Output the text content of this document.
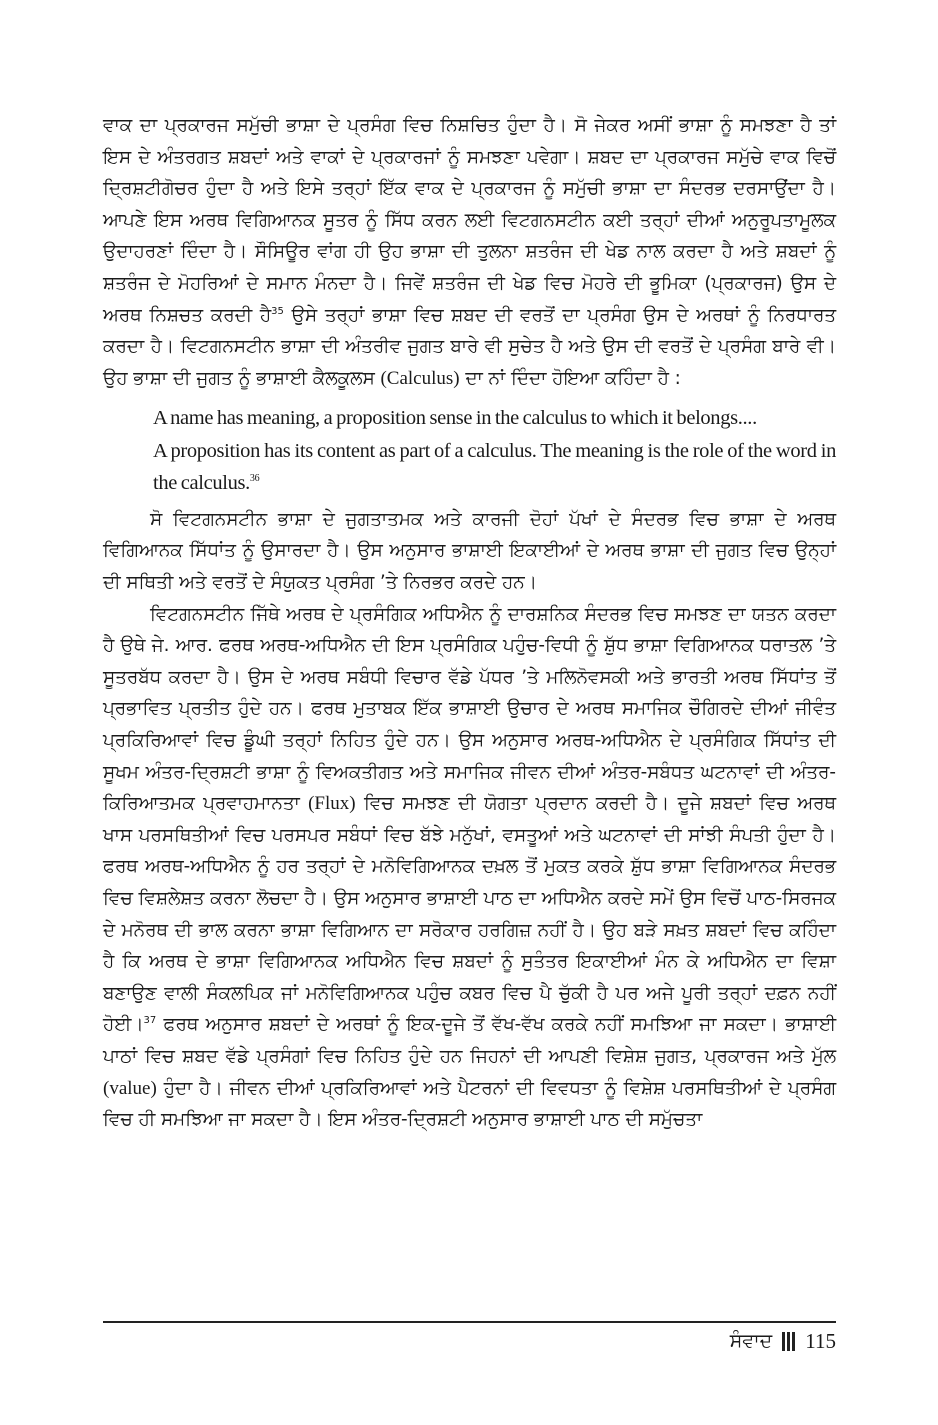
ਵਾਕ ਦਾ ਪ੍ਰਕਾਰਜ ਸਮੁੱਚੀ ਭਾਸ਼ਾ ਦੇ ਪ੍ਰਸੰਗ ਵਿਚ ਨਿਸ਼ਚਿਤ ਹੁੰਦਾ ਹੈ। ਸੋ ਜੇਕਰ ਅਸੀਂ ਭਾਸ਼ਾ ਨੂੰ ਸਮਝਣਾ ਹੈ ਤਾਂ ਇਸ ਦੇ ਅੰਤਰਗਤ ਸ਼ਬਦਾਂ ਅਤੇ ਵਾਕਾਂ ਦੇ ਪ੍ਰਕਾਰਜਾਂ ਨੂੰ ਸਮਝਣਾ ਪਵੇਗਾ। ਸ਼ਬਦ ਦਾ ਪ੍ਰਕਾਰਜ ਸਮੁੱਚੇ ਵਾਕ ਵਿਚੋਂ ਦ੍ਰਿਸ਼ਟੀਗੋਚਰ ਹੁੰਦਾ ਹੈ ਅਤੇ ਇਸੇ ਤਰ੍ਹਾਂ ਇੱਕ ਵਾਕ ਦੇ ਪ੍ਰਕਾਰਜ ਨੂੰ ਸਮੁੱਚੀ ਭਾਸ਼ਾ ਦਾ ਸੰਦਰਭ ਦਰਸਾਉਂਦਾ ਹੈ। ਆਪਣੇ ਇਸ ਅਰਥ ਵਿਗਿਆਨਕ ਸੂਤਰ ਨੂੰ ਸਿੱਧ ਕਰਨ ਲਈ ਵਿਟਗਨਸਟੀਨ ਕਈ ਤਰ੍ਹਾਂ ਦੀਆਂ ਅਨੁਰੂਪਤਾਮੂਲਕ ਉਦਾਹਰਣਾਂ ਦਿੰਦਾ ਹੈ। ਸੌਸਿਊਰ ਵਾਂਗ ਹੀ ਉਹ ਭਾਸ਼ਾ ਦੀ ਤੁਲਨਾ ਸ਼ਤਰੰਜ ਦੀ ਖੇਡ ਨਾਲ ਕਰਦਾ ਹੈ ਅਤੇ ਸ਼ਬਦਾਂ ਨੂੰ ਸ਼ਤਰੰਜ ਦੇ ਮੋਹਰਿਆਂ ਦੇ ਸਮਾਨ ਮੰਨਦਾ ਹੈ। ਜਿਵੇਂ ਸ਼ਤਰੰਜ ਦੀ ਖੇਡ ਵਿਚ ਮੋਹਰੇ ਦੀ ਭੂਮਿਕਾ (ਪ੍ਰਕਾਰਜ) ਉਸ ਦੇ ਅਰਥ ਨਿਸ਼ਚਤ ਕਰਦੀ ਹੈ$^{35}$ ਉਸੇ ਤਰ੍ਹਾਂ ਭਾਸ਼ਾ ਵਿਚ ਸ਼ਬਦ ਦੀ ਵਰਤੋਂ ਦਾ ਪ੍ਰਸੰਗ ਉਸ ਦੇ ਅਰਥਾਂ ਨੂੰ ਨਿਰਧਾਰਤ ਕਰਦਾ ਹੈ। ਵਿਟਗਨਸਟੀਨ ਭਾਸ਼ਾ ਦੀ ਅੰਤਰੀਵ ਜੁਗਤ ਬਾਰੇ ਵੀ ਸੁਚੇਤ ਹੈ ਅਤੇ ਉਸ ਦੀ ਵਰਤੋਂ ਦੇ ਪ੍ਰਸੰਗ ਬਾਰੇ ਵੀ। ਉਹ ਭਾਸ਼ਾ ਦੀ ਜੁਗਤ ਨੂੰ ਭਾਸ਼ਾਈ ਕੈਲਕੂਲਸ (Calculus) ਦਾ ਨਾਂ ਦਿੰਦਾ ਹੋਇਆ ਕਹਿੰਦਾ ਹੈ :

A name has meaning, a proposition sense in the calculus to which it belongs....
A proposition has its content as part of a calculus. The meaning is the role of the word in the calculus.$^{36}$

ਸੋ ਵਿਟਗਨਸਟੀਨ ਭਾਸ਼ਾ ਦੇ ਜੁਗਤਾਤਮਕ ਅਤੇ ਕਾਰਜੀ ਦੋਹਾਂ ਪੱਖਾਂ ਦੇ ਸੰਦਰਭ ਵਿਚ ਭਾਸ਼ਾ ਦੇ ਅਰਥ ਵਿਗਿਆਨਕ ਸਿੱਧਾਂਤ ਨੂੰ ਉਸਾਰਦਾ ਹੈ। ਉਸ ਅਨੁਸਾਰ ਭਾਸ਼ਾਈ ਇਕਾਈਆਂ ਦੇ ਅਰਥ ਭਾਸ਼ਾ ਦੀ ਜੁਗਤ ਵਿਚ ਉਨ੍ਹਾਂ ਦੀ ਸਥਿਤੀ ਅਤੇ ਵਰਤੋਂ ਦੇ ਸੰਯੁਕਤ ਪ੍ਰਸੰਗ ’ਤੇ ਨਿਰਭਰ ਕਰਦੇ ਹਨ।

ਵਿਟਗਨਸਟੀਨ ਜਿੱਥੇ ਅਰਥ ਦੇ ਪ੍ਰਸੰਗਿਕ ਅਧਿਐਨ ਨੂੰ ਦਾਰਸ਼ਨਿਕ ਸੰਦਰਭ ਵਿਚ ਸਮਝਣ ਦਾ ਯਤਨ ਕਰਦਾ ਹੈ ਉਥੇ ਜੇ. ਆਰ. ਫਰਥ ਅਰਥ-ਅਧਿਐਨ ਦੀ ਇਸ ਪ੍ਰਸੰਗਿਕ ਪਹੁੰਚ-ਵਿਧੀ ਨੂੰ ਸ਼ੁੱਧ ਭਾਸ਼ਾ ਵਿਗਿਆਨਕ ਧਰਾਤਲ ’ਤੇ ਸੂਤਰਬੱਧ ਕਰਦਾ ਹੈ। ਉਸ ਦੇ ਅਰਥ ਸਬੰਧੀ ਵਿਚਾਰ ਵੱਡੇ ਪੱਧਰ ’ਤੇ ਮਲਿਨੋਵਸਕੀ ਅਤੇ ਭਾਰਤੀ ਅਰਥ ਸਿੱਧਾਂਤ ਤੋਂ ਪ੍ਰਭਾਵਿਤ ਪ੍ਰਤੀਤ ਹੁੰਦੇ ਹਨ। ਫਰਥ ਮੁਤਾਬਕ ਇੱਕ ਭਾਸ਼ਾਈ ਉਚਾਰ ਦੇ ਅਰਥ ਸਮਾਜਿਕ ਚੌਗਿਰਦੇ ਦੀਆਂ ਜੀਵੰਤ ਪ੍ਰਕਿਰਿਆਵਾਂ ਵਿਚ ਡੂੰਘੀ ਤਰ੍ਹਾਂ ਨਿਹਿਤ ਹੁੰਦੇ ਹਨ। ਉਸ ਅਨੁਸਾਰ ਅਰਥ-ਅਧਿਐਨ ਦੇ ਪ੍ਰਸੰਗਿਕ ਸਿੱਧਾਂਤ ਦੀ ਸੂਖਮ ਅੰਤਰ-ਦ੍ਰਿਸ਼ਟੀ ਭਾਸ਼ਾ ਨੂੰ ਵਿਅਕਤੀਗਤ ਅਤੇ ਸਮਾਜਿਕ ਜੀਵਨ ਦੀਆਂ ਅੰਤਰ-ਸਬੰਧਤ ਘਟਨਾਵਾਂ ਦੀ ਅੰਤਰ-ਕਿਰਿਆਤਮਕ ਪ੍ਰਵਾਹਮਾਨਤਾ (Flux) ਵਿਚ ਸਮਝਣ ਦੀ ਯੋਗਤਾ ਪ੍ਰਦਾਨ ਕਰਦੀ ਹੈ। ਦੂਜੇ ਸ਼ਬਦਾਂ ਵਿਚ ਅਰਥ ਖਾਸ ਪਰਸਥਿਤੀਆਂ ਵਿਚ ਪਰਸਪਰ ਸਬੰਧਾਂ ਵਿਚ ਬੱਝੇ ਮਨੁੱਖਾਂ, ਵਸਤੂਆਂ ਅਤੇ ਘਟਨਾਵਾਂ ਦੀ ਸਾਂਝੀ ਸੰਪਤੀ ਹੁੰਦਾ ਹੈ। ਫਰਥ ਅਰਥ-ਅਧਿਐਨ ਨੂੰ ਹਰ ਤਰ੍ਹਾਂ ਦੇ ਮਨੋਵਿਗਿਆਨਕ ਦਖ਼ਲ ਤੋਂ ਮੁਕਤ ਕਰਕੇ ਸ਼ੁੱਧ ਭਾਸ਼ਾ ਵਿਗਿਆਨਕ ਸੰਦਰਭ ਵਿਚ ਵਿਸ਼ਲੇਸ਼ਤ ਕਰਨਾ ਲੋਚਦਾ ਹੈ। ਉਸ ਅਨੁਸਾਰ ਭਾਸ਼ਾਈ ਪਾਠ ਦਾ ਅਧਿਐਨ ਕਰਦੇ ਸਮੇਂ ਉਸ ਵਿਚੋਂ ਪਾਠ-ਸਿਰਜਕ ਦੇ ਮਨੋਰਥ ਦੀ ਭਾਲ ਕਰਨਾ ਭਾਸ਼ਾ ਵਿਗਿਆਨ ਦਾ ਸਰੋਕਾਰ ਹਰਗਿਜ਼ ਨਹੀਂ ਹੈ। ਉਹ ਬੜੇ ਸਖ਼ਤ ਸ਼ਬਦਾਂ ਵਿਚ ਕਹਿੰਦਾ ਹੈ ਕਿ ਅਰਥ ਦੇ ਭਾਸ਼ਾ ਵਿਗਿਆਨਕ ਅਧਿਐਨ ਵਿਚ ਸ਼ਬਦਾਂ ਨੂੰ ਸੁਤੰਤਰ ਇਕਾਈਆਂ ਮੰਨ ਕੇ ਅਧਿਐਨ ਦਾ ਵਿਸ਼ਾ ਬਣਾਉਣ ਵਾਲੀ ਸੰਕਲਪਿਕ ਜਾਂ ਮਨੋਵਿਗਿਆਨਕ ਪਹੁੰਚ ਕਬਰ ਵਿਚ ਪੈ ਚੁੱਕੀ ਹੈ ਪਰ ਅਜੇ ਪੂਰੀ ਤਰ੍ਹਾਂ ਦਫ਼ਨ ਨਹੀਂ ਹੋਈ।$^{37}$ ਫਰਥ ਅਨੁਸਾਰ ਸ਼ਬਦਾਂ ਦੇ ਅਰਥਾਂ ਨੂੰ ਇਕ-ਦੂਜੇ ਤੋਂ ਵੱਖ-ਵੱਖ ਕਰਕੇ ਨਹੀਂ ਸਮਝਿਆ ਜਾ ਸਕਦਾ। ਭਾਸ਼ਾਈ ਪਾਠਾਂ ਵਿਚ ਸ਼ਬਦ ਵੱਡੇ ਪ੍ਰਸੰਗਾਂ ਵਿਚ ਨਿਹਿਤ ਹੁੰਦੇ ਹਨ ਜਿਹਨਾਂ ਦੀ ਆਪਣੀ ਵਿਸ਼ੇਸ਼ ਜੁਗਤ, ਪ੍ਰਕਾਰਜ ਅਤੇ ਮੁੱਲ (value) ਹੁੰਦਾ ਹੈ। ਜੀਵਨ ਦੀਆਂ ਪ੍ਰਕਿਰਿਆਵਾਂ ਅਤੇ ਪੈਟਰਨਾਂ ਦੀ ਵਿਵਧਤਾ ਨੂੰ ਵਿਸ਼ੇਸ਼ ਪਰਸਥਿਤੀਆਂ ਦੇ ਪ੍ਰਸੰਗ ਵਿਚ ਹੀ ਸਮਝਿਆ ਜਾ ਸਕਦਾ ਹੈ। ਇਸ ਅੰਤਰ-ਦ੍ਰਿਸ਼ਟੀ ਅਨੁਸਾਰ ਭਾਸ਼ਾਈ ਪਾਠ ਦੀ ਸਮੁੱਚਤਾ

ਸੰਵਾਦ 115
